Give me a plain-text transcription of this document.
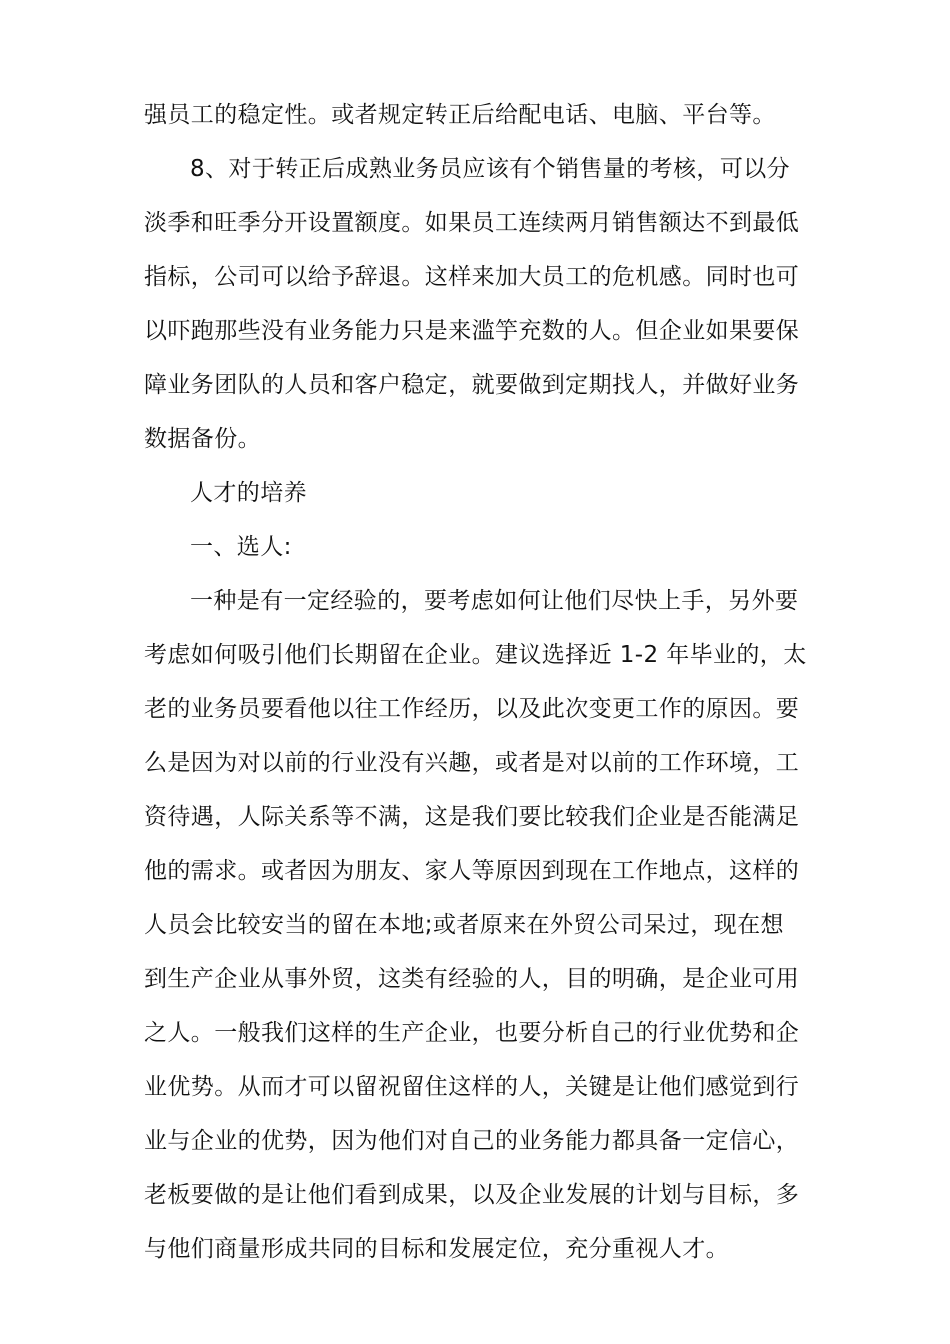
强员工的稳定性。或者规定转正后给配电话、电脑、平台等。
8、对于转正后成熟业务员应该有个销售量的考核，可以分
淡季和旺季分开设置额度。如果员工连续两月销售额达不到最低
指标，公司可以给予辞退。这样来加大员工的危机感。同时也可
以吓跑那些没有业务能力只是来滥竽充数的人。但企业如果要保
障业务团队的人员和客户稳定，就要做到定期找人，并做好业务
数据备份。
人才的培养
一、选人:
一种是有一定经验的，要考虑如何让他们尽快上手，另外要
考虑如何吸引他们长期留在企业。建议选择近 1-2 年毕业的，太
老的业务员要看他以往工作经历，以及此次变更工作的原因。要
么是因为对以前的行业没有兴趣，或者是对以前的工作环境，工
资待遇，人际关系等不满，这是我们要比较我们企业是否能满足
他的需求。或者因为朋友、家人等原因到现在工作地点，这样的
人员会比较安当的留在本地;或者原来在外贸公司呆过，现在想
到生产企业从事外贸，这类有经验的人，目的明确，是企业可用
之人。一般我们这样的生产企业，也要分析自己的行业优势和企
业优势。从而才可以留祝留住这样的人，关键是让他们感觉到行
业与企业的优势，因为他们对自己的业务能力都具备一定信心，
老板要做的是让他们看到成果，以及企业发展的计划与目标，多
与他们商量形成共同的目标和发展定位，充分重视人才。
